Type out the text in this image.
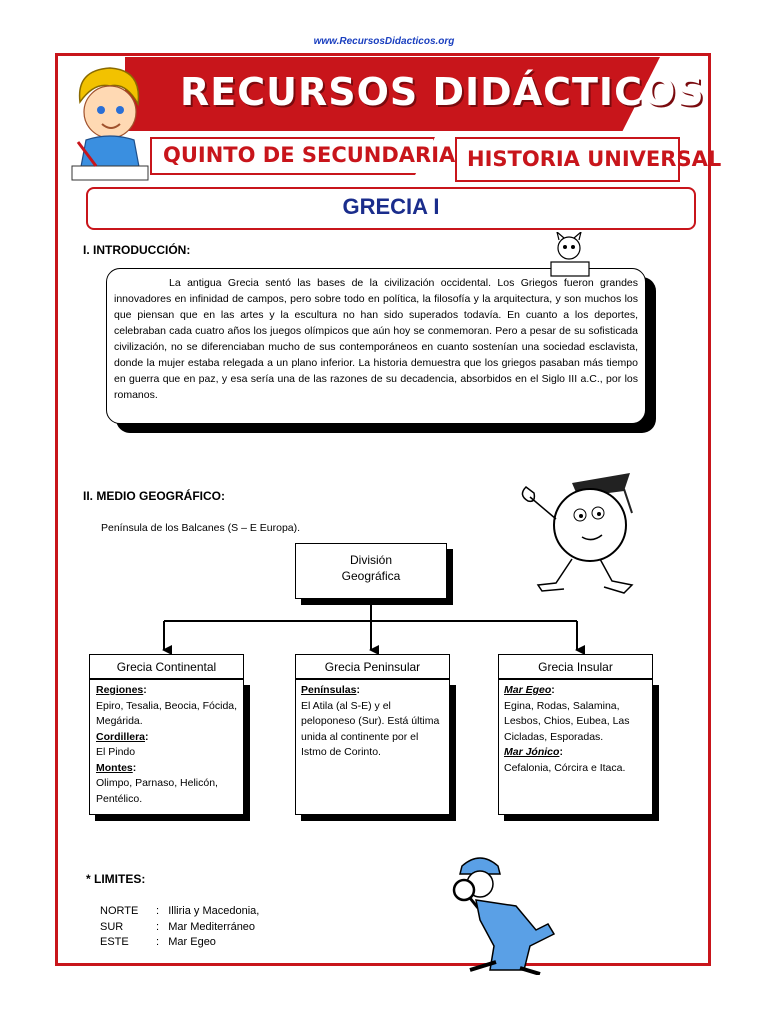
www.RecursosDidacticos.org
RECURSOS DIDÁCTICOS
QUINTO DE SECUNDARIA HISTORIA UNIVERSAL
GRECIA I
I. INTRODUCCIÓN:
La antigua Grecia sentó las bases de la civilización occidental. Los Griegos fueron grandes innovadores en infinidad de campos, pero sobre todo en política, la filosofía y la arquitectura, y son muchos los que piensan que en las artes y la escultura no han sido superados todavía. En cuanto a los deportes, celebraban cada cuatro años los juegos olímpicos que aún hoy se conmemoran. Pero a pesar de su sofisticada civilización, no se diferenciaban mucho de sus contemporáneos en cuanto sostenían una sociedad esclavista, donde la mujer estaba relegada a un plano inferior. La historia demuestra que los griegos pasaban más tiempo en guerra que en paz, y esa sería una de las razones de su decadencia, absorbidos en el Siglo III a.C., por los romanos.
II. MEDIO GEOGRÁFICO:
Península de los Balcanes (S – E Europa).
División
Geográfica
Grecia Continental
Regiones:
Epiro, Tesalia, Beocia, Fócida, Megárida.
Cordillera:
El Pindo
Montes:
Olimpo, Parnaso, Helicón, Pentélico.
Grecia Peninsular
Penínsulas:
El Atila (al S-E) y el peloponeso (Sur). Está última unida al continente por el Istmo de Corinto.
Grecia Insular
Mar Egeo:
Egina, Rodas, Salamina, Lesbos, Chios, Eubea, Las Cicladas, Esporadas.
Mar Jónico:
Cefalonia, Córcira e Itaca.
* LIMITES:
NORTE :   Illiria y Macedonia,
SUR	:   Mar Mediterráneo
ESTE :   Mar Egeo
